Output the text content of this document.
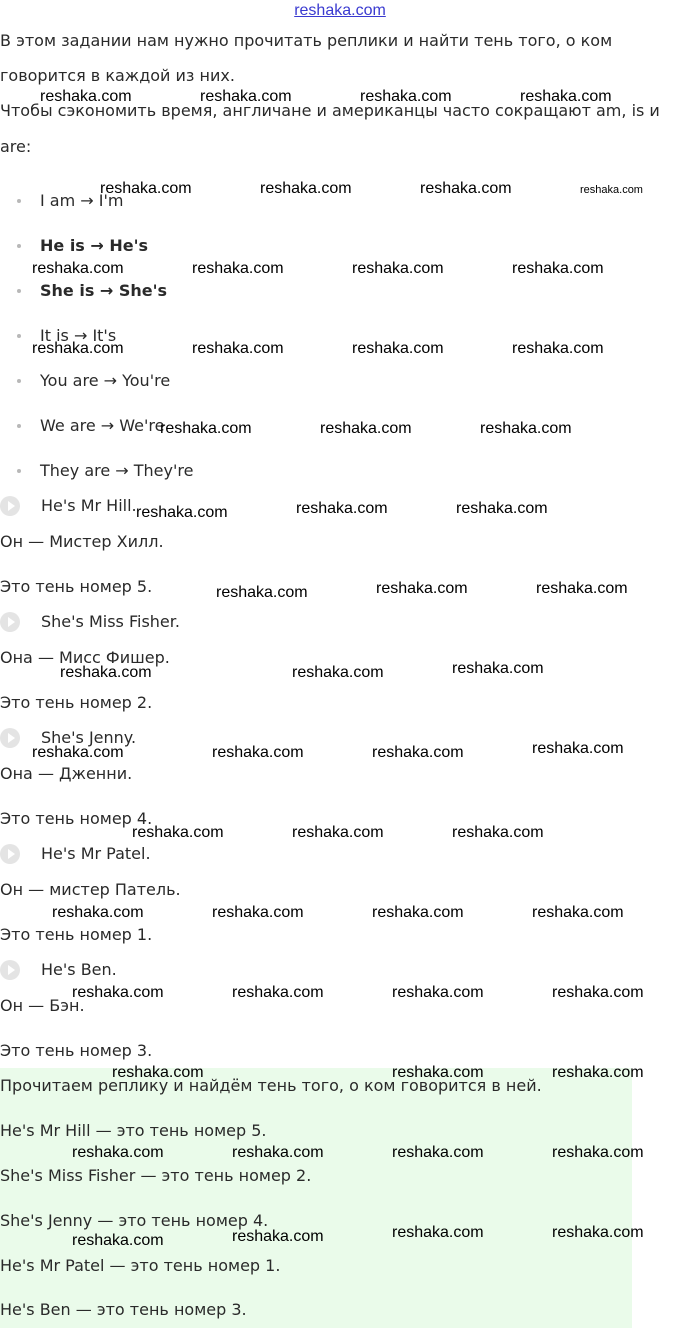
reshaka.com
В этом задании нам нужно прочитать реплики и найти тень того, о ком
говорится в каждой из них.
Чтобы сэкономить время, англичане и американцы часто сокращают am, is и
are:
I am → I'm
He is → He's
She is → She's
It is → It's
You are → You're
We are → We're
They are → They're
He's Mr Hill.
Он — Мистер Хилл.
Это тень номер 5.
She's Miss Fisher.
Она — Мисс Фишер.
Это тень номер 2.
She's Jenny.
Она — Дженни.
Это тень номер 4.
He's Mr Patel.
Он — мистер Патель.
Это тень номер 1.
He's Ben.
Он — Бэн.
Это тень номер 3.
Прочитаем реплику и найдём тень того, о ком говорится в ней.
He's Mr Hill — это тень номер 5.
She's Miss Fisher — это тень номер 2.
She's Jenny — это тень номер 4.
He's Mr Patel — это тень номер 1.
He's Ben — это тень номер 3.
reshaka.com	reshaka.com	reshaka.com	reshaka.com
reshaka.com	reshaka.com	reshaka.com	reshaka.com
reshaka.com	reshaka.com	reshaka.com	reshaka.com
reshaka.com	reshaka.com	reshaka.com	reshaka.com
reshaka.com	reshaka.com	reshaka.com
reshaka.com	reshaka.com	reshaka.com
reshaka.com	reshaka.com	reshaka.com
reshaka.com	reshaka.com	reshaka.com
reshaka.com	reshaka.com	reshaka.com	reshaka.com
reshaka.com	reshaka.com	reshaka.com
reshaka.com	reshaka.com	reshaka.com	reshaka.com
reshaka.com	reshaka.com	reshaka.com	reshaka.com
reshaka.com	reshaka.com	reshaka.com
reshaka.com	reshaka.com	reshaka.com	reshaka.com
reshaka.com	reshaka.com	reshaka.com	reshaka.com
